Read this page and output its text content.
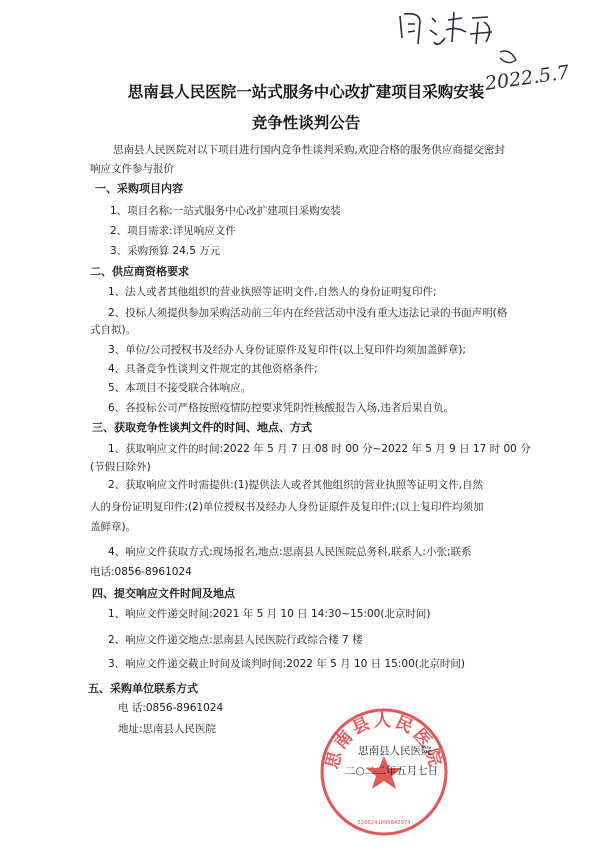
2022.5.7
思南县人民医院一站式服务中心改扩建项目采购安装
竞争性谈判公告
思南县人民医院对以下项目进行国内竞争性谈判采购,欢迎合格的服务供应商提交密封
响应文件参与报价
一、采购项目内容
1、项目名称:一站式服务中心改扩建项目采购安装
2、项目需求:详见响应文件
3、采购预算 24.5 万元
二、供应商资格要求
1、法人或者其他组织的营业执照等证明文件,自然人的身份证明复印件;
2、投标人须提供参加采购活动前三年内在经营活动中没有重大违法记录的书面声明(格
式自拟)。
3、单位/公司授权书及经办人身份证原件及复印件(以上复印件均须加盖鲜章);
4、具备竞争性谈判文件规定的其他资格条件;
5、本项目不接受联合体响应。
6、各投标公司严格按照疫情防控要求凭阴性核酸报告入场,违者后果自负。
三、获取竞争性谈判文件的时间、地点、方式
1、获取响应文件的时间:2022 年 5 月 7 日 08 时 00 分~2022 年 5 月 9 日 17 时 00 分
(节假日除外)
2、获取响应文件时需提供:(1)提供法人或者其他组织的营业执照等证明文件,自然
人的身份证明复印件;(2)单位授权书及经办人身份证原件及复印件;(以上复印件均须加
盖鲜章)。
4、响应文件获取方式:现场报名,地点:思南县人民医院总务科,联系人:小张;联系
电话:0856-8961024
四、提交响应文件时间及地点
1、响应文件递交时间:2021 年 5 月 10 日 14:30~15:00(北京时间)
2、响应文件递交地点:思南县人民医院行政综合楼 7 楼
3、响应文件递交截止时间及谈判时间:2022 年 5 月 10 日 15:00(北京时间)
五、采购单位联系方式
电 话:0856-8961024
地址:思南县人民医院
思南县人民医院
5206241095842974
思南县人民医院
二○二二年五月七日
